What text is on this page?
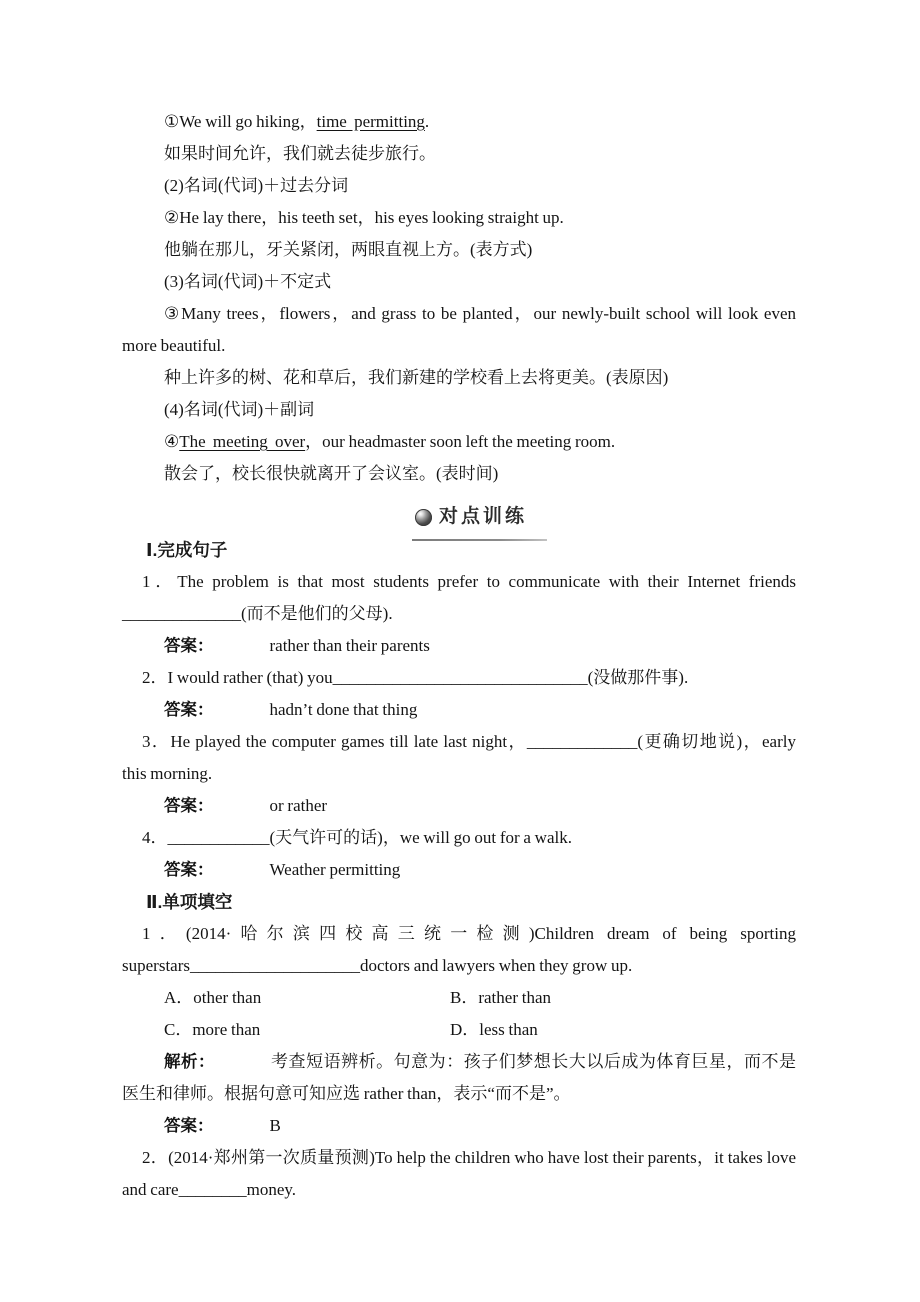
①We will go hiking，time permitting.

如果时间允许，我们就去徒步旅行。

(2)名词(代词)＋过去分词

②He lay there，his teeth set，his eyes looking straight up.

他躺在那儿，牙关紧闭，两眼直视上方。(表方式)

(3)名词(代词)＋不定式

③Many trees，flowers，and grass to be planted，our newly-built school will look even more beautiful.

种上许多的树、花和草后，我们新建的学校看上去将更美。(表原因)

(4)名词(代词)＋副词

④The meeting over，our headmaster soon left the meeting room.

散会了，校长很快就离开了会议室。(表时间)

对点训练

Ⅰ.完成句子

1．The problem is that most students prefer to communicate with their Internet friends ______________(而不是他们的父母).

答案：	rather than their parents

2．I would rather (that) you______________________________(没做那件事).

答案：	hadn’t done that thing

3．He played the computer games till late last night，_____________(更确切地说)，early this morning.

答案：	or rather

4．____________(天气许可的话)，we will go out for a walk.

答案：	Weather permitting

Ⅱ.单项填空

1．(2014·哈尔滨四校高三统一检测)Children dream of being sporting
superstars____________________doctors and lawyers when they grow up.
A．other than	B．rather than
C．more than	D．less than

解析：	考查短语辨析。句意为：孩子们梦想长大以后成为体育巨星，而不是医生和律师。根据句意可知应选 rather than，表示“而不是”。

答案：	B

2．(2014·郑州第一次质量预测)To help the children who have lost their parents，it takes love and care________money.
